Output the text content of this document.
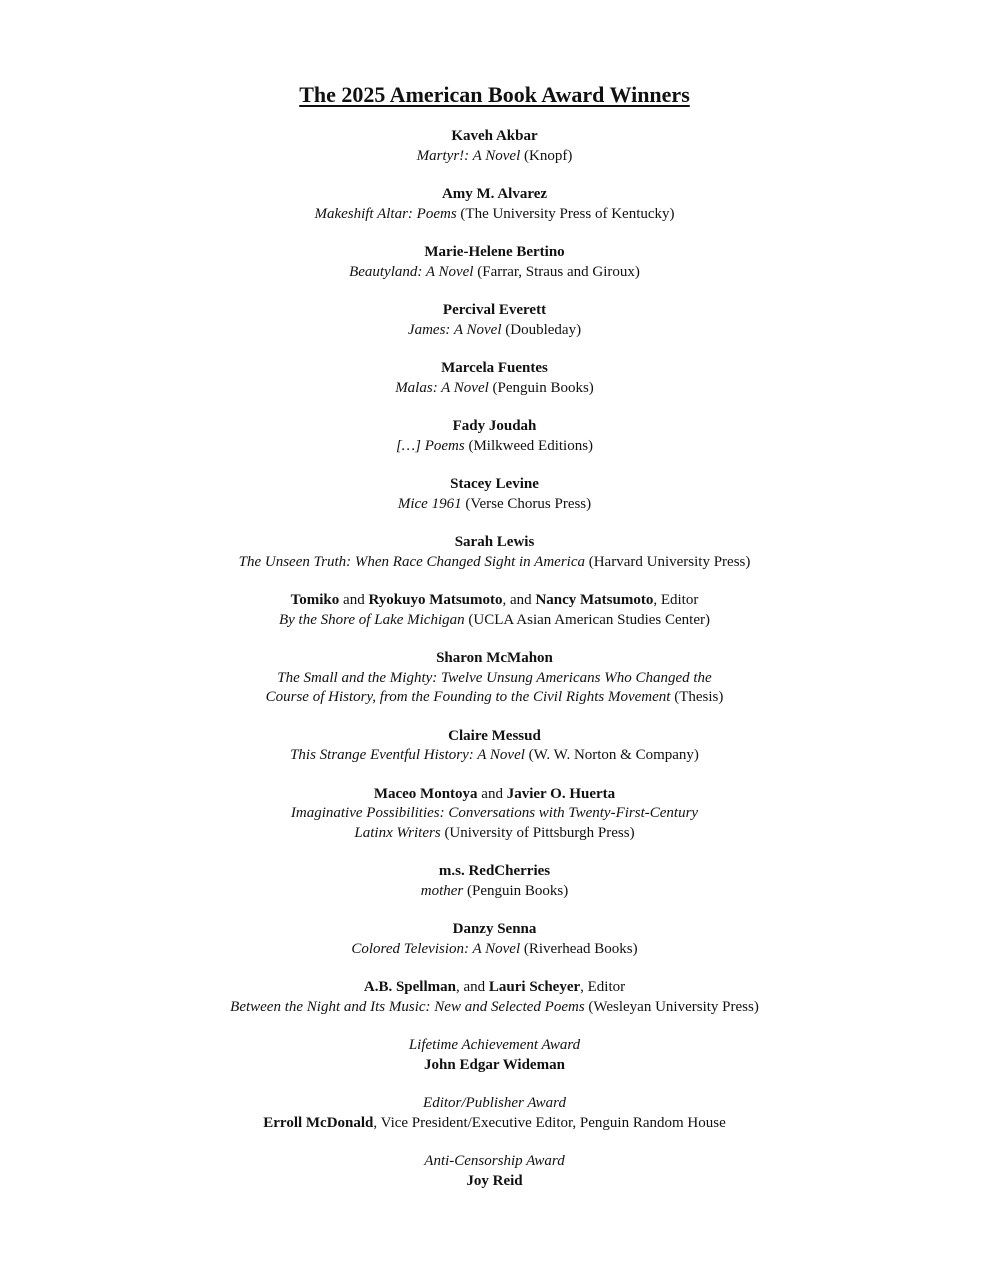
The 2025 American Book Award Winners
Kaveh Akbar
Martyr!: A Novel (Knopf)
Amy M. Alvarez
Makeshift Altar: Poems (The University Press of Kentucky)
Marie-Helene Bertino
Beautyland: A Novel (Farrar, Straus and Giroux)
Percival Everett
James: A Novel (Doubleday)
Marcela Fuentes
Malas: A Novel (Penguin Books)
Fady Joudah
[…] Poems (Milkweed Editions)
Stacey Levine
Mice 1961 (Verse Chorus Press)
Sarah Lewis
The Unseen Truth: When Race Changed Sight in America (Harvard University Press)
Tomiko and Ryokuyo Matsumoto, and Nancy Matsumoto, Editor
By the Shore of Lake Michigan (UCLA Asian American Studies Center)
Sharon McMahon
The Small and the Mighty: Twelve Unsung Americans Who Changed the
Course of History, from the Founding to the Civil Rights Movement (Thesis)
Claire Messud
This Strange Eventful History: A Novel (W. W. Norton & Company)
Maceo Montoya and Javier O. Huerta
Imaginative Possibilities: Conversations with Twenty-First-Century
Latinx Writers (University of Pittsburgh Press)
m.s. RedCherries
mother (Penguin Books)
Danzy Senna
Colored Television: A Novel (Riverhead Books)
A.B. Spellman, and Lauri Scheyer, Editor
Between the Night and Its Music: New and Selected Poems (Wesleyan University Press)
Lifetime Achievement Award
John Edgar Wideman
Editor/Publisher Award
Erroll McDonald, Vice President/Executive Editor, Penguin Random House
Anti-Censorship Award
Joy Reid
